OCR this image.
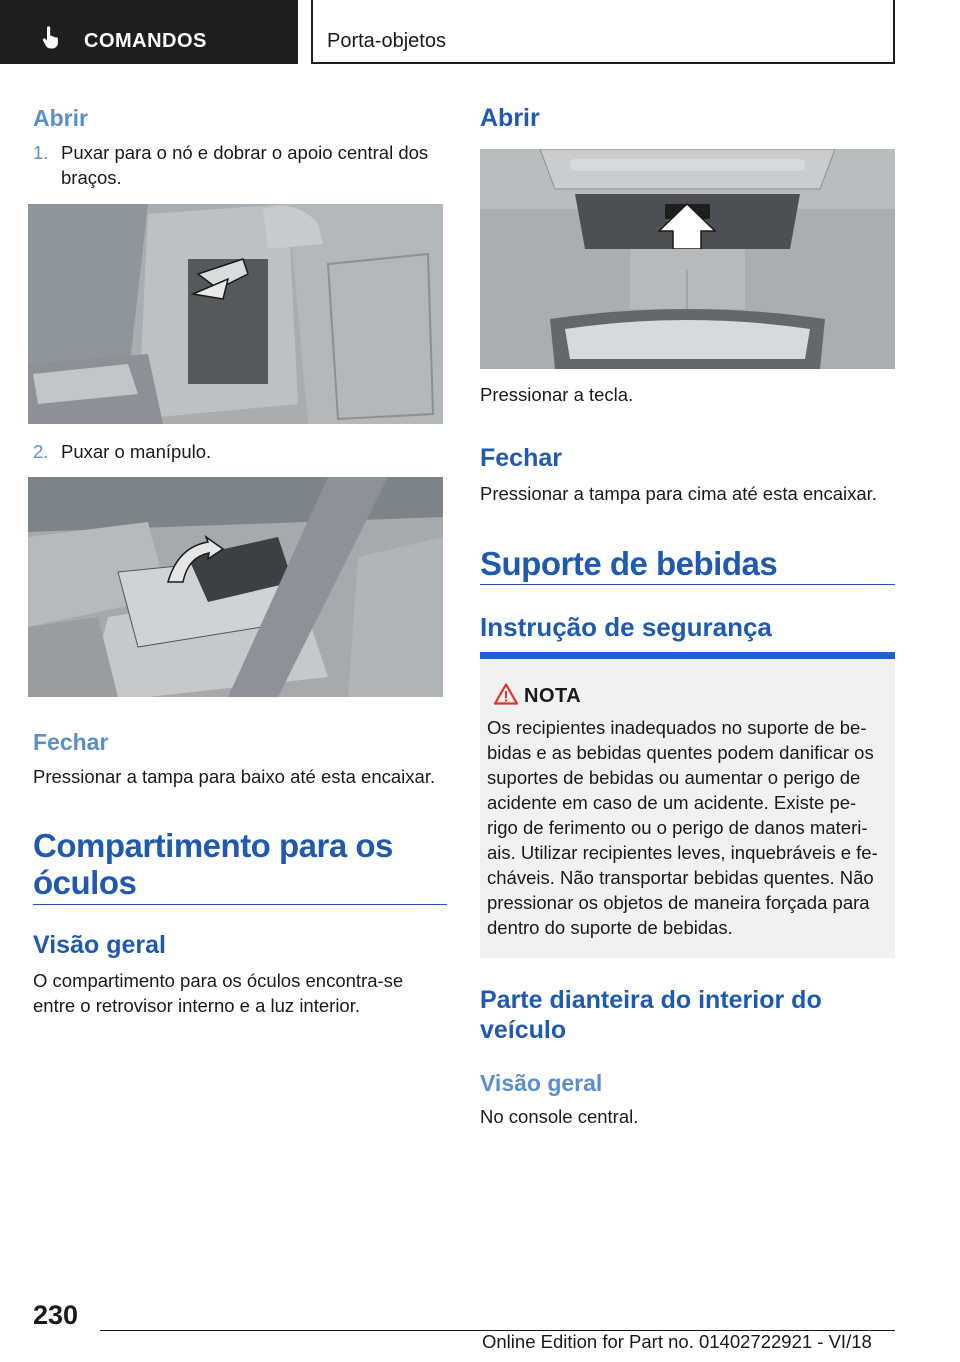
COMANDOS	Porta-objetos
Abrir
1. Puxar para o nó e dobrar o apoio central dos
braços.
2. Puxar o manípulo.
Fechar
Pressionar a tampa para baixo até esta encaixar.
Compartimento para os
óculos
Visão geral
O compartimento para os óculos encontra-se
entre o retrovisor interno e a luz interior.
Abrir
Pressionar a tecla.
Fechar
Pressionar a tampa para cima até esta encaixar.
Suporte de bebidas
Instrução de segurança
NOTA
Os recipientes inadequados no suporte de be-
bidas e as bebidas quentes podem danificar os
suportes de bebidas ou aumentar o perigo de
acidente em caso de um acidente. Existe pe-
rigo de ferimento ou o perigo de danos materi-
ais. Utilizar recipientes leves, inquebráveis e fe-
cháveis. Não transportar bebidas quentes. Não
pressionar os objetos de maneira forçada para
dentro do suporte de bebidas.
Parte dianteira do interior do
veículo
Visão geral
No console central.
230
Online Edition for Part no. 01402722921 - VI/18
